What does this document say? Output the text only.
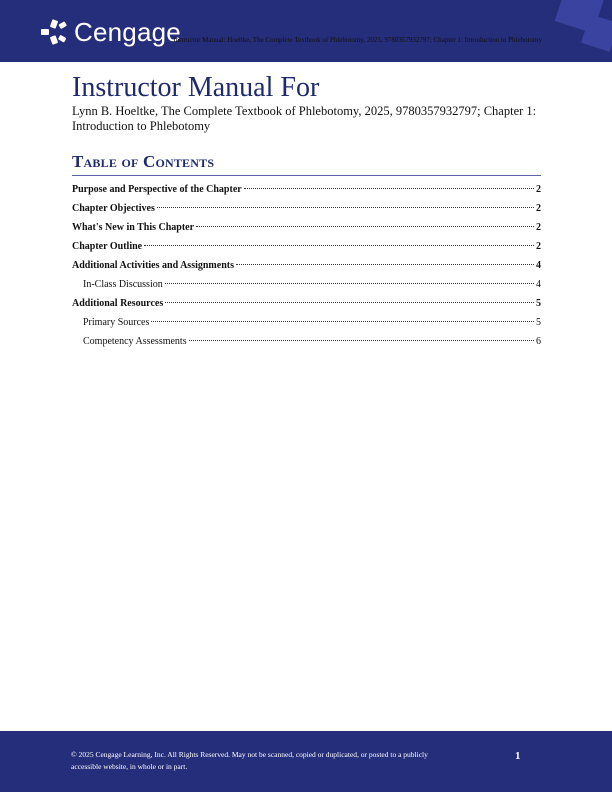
Cengage
Instructor Manual: Hoeltke, The Complete Textbook of Phlebotomy, 2025, 9780357932797; Chapter 1: Introduction to Phlebotomy
Instructor Manual For
Lynn B. Hoeltke, The Complete Textbook of Phlebotomy, 2025, 9780357932797; Chapter 1: Introduction to Phlebotomy
Table of Contents
Purpose and Perspective of the Chapter	2
Chapter Objectives	2
What's New in This Chapter	2
Chapter Outline	2
Additional Activities and Assignments	4
In-Class Discussion	4
Additional Resources	5
Primary Sources	5
Competency Assessments	6
© 2025 Cengage Learning, Inc. All Rights Reserved. May not be scanned, copied or duplicated, or posted to a publicly accessible website, in whole or in part.
1
